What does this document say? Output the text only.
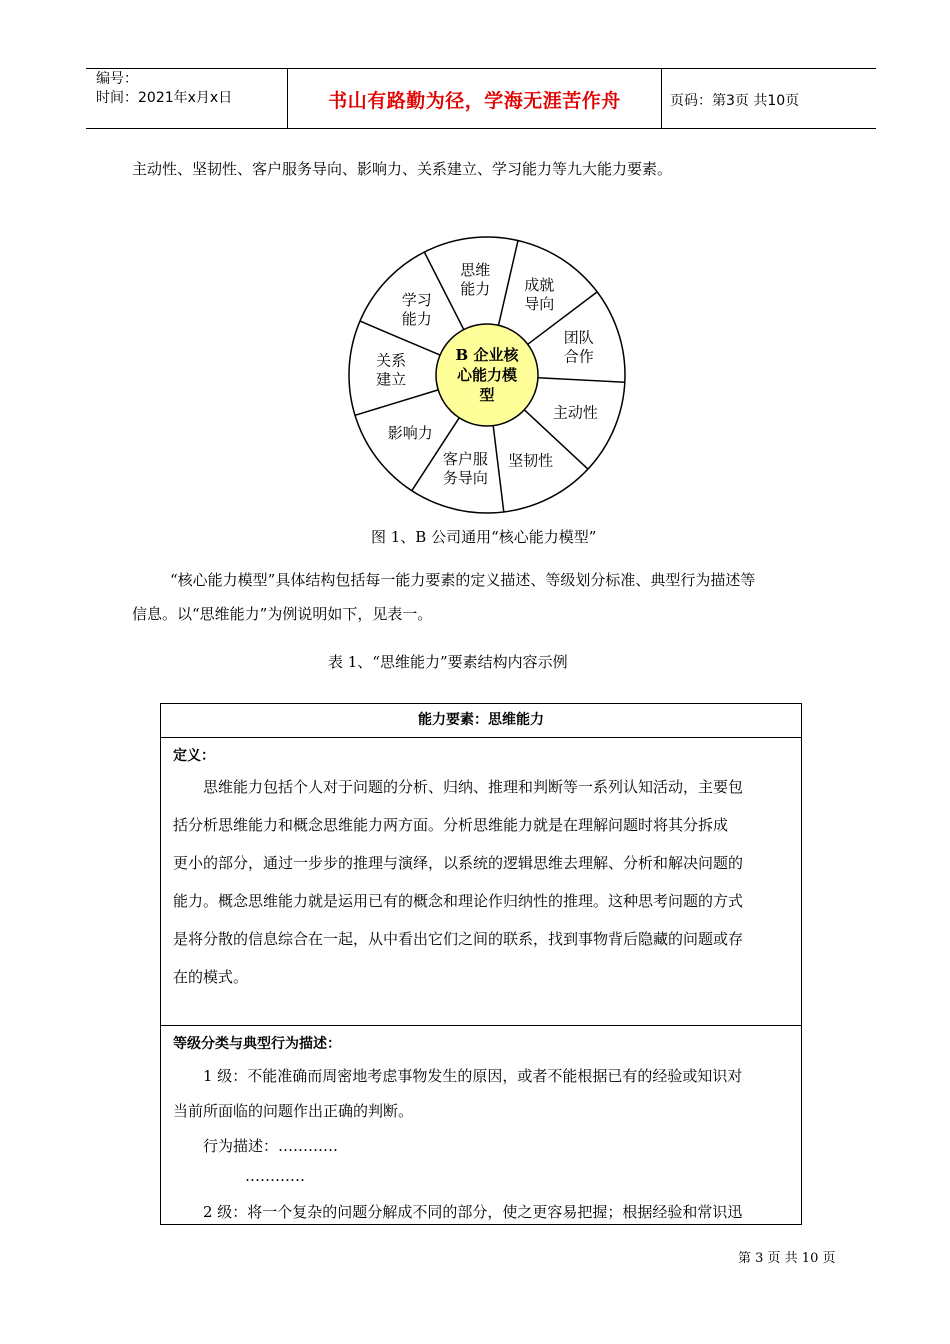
编号：
时间：2021年x月x日	书山有路勤为径，学海无涯苦作舟	页码：第3页 共10页
主动性、坚韧性、客户服务导向、影响力、关系建立、学习能力等九大能力要素。
思维
能力 成就
导向
团队
合作
主动性
坚韧性
客户服
务导向
影响力
关系
建立
学习
能力
B 企业核
心能力模
型
图 1、B 公司通用“核心能力模型”
“核心能力模型”具体结构包括每一能力要素的定义描述、等级划分标准、典型行为描述等
信息。以“思维能力”为例说明如下，见表一。
表 1、“思维能力”要素结构内容示例
能力要素：思维能力
定义：
思维能力包括个人对于问题的分析、归纳、推理和判断等一系列认知活动，主要包
括分析思维能力和概念思维能力两方面。分析思维能力就是在理解问题时将其分拆成
更小的部分，通过一步步的推理与演绎，以系统的逻辑思维去理解、分析和解决问题的
能力。概念思维能力就是运用已有的概念和理论作归纳性的推理。这种思考问题的方式
是将分散的信息综合在一起，从中看出它们之间的联系，找到事物背后隐藏的问题或存
在的模式。
等级分类与典型行为描述：
1 级：不能准确而周密地考虑事物发生的原因，或者不能根据已有的经验或知识对
当前所面临的问题作出正确的判断。
行为描述：…………
…………
2 级：将一个复杂的问题分解成不同的部分，使之更容易把握；根据经验和常识迅
第 3 页 共 10 页
